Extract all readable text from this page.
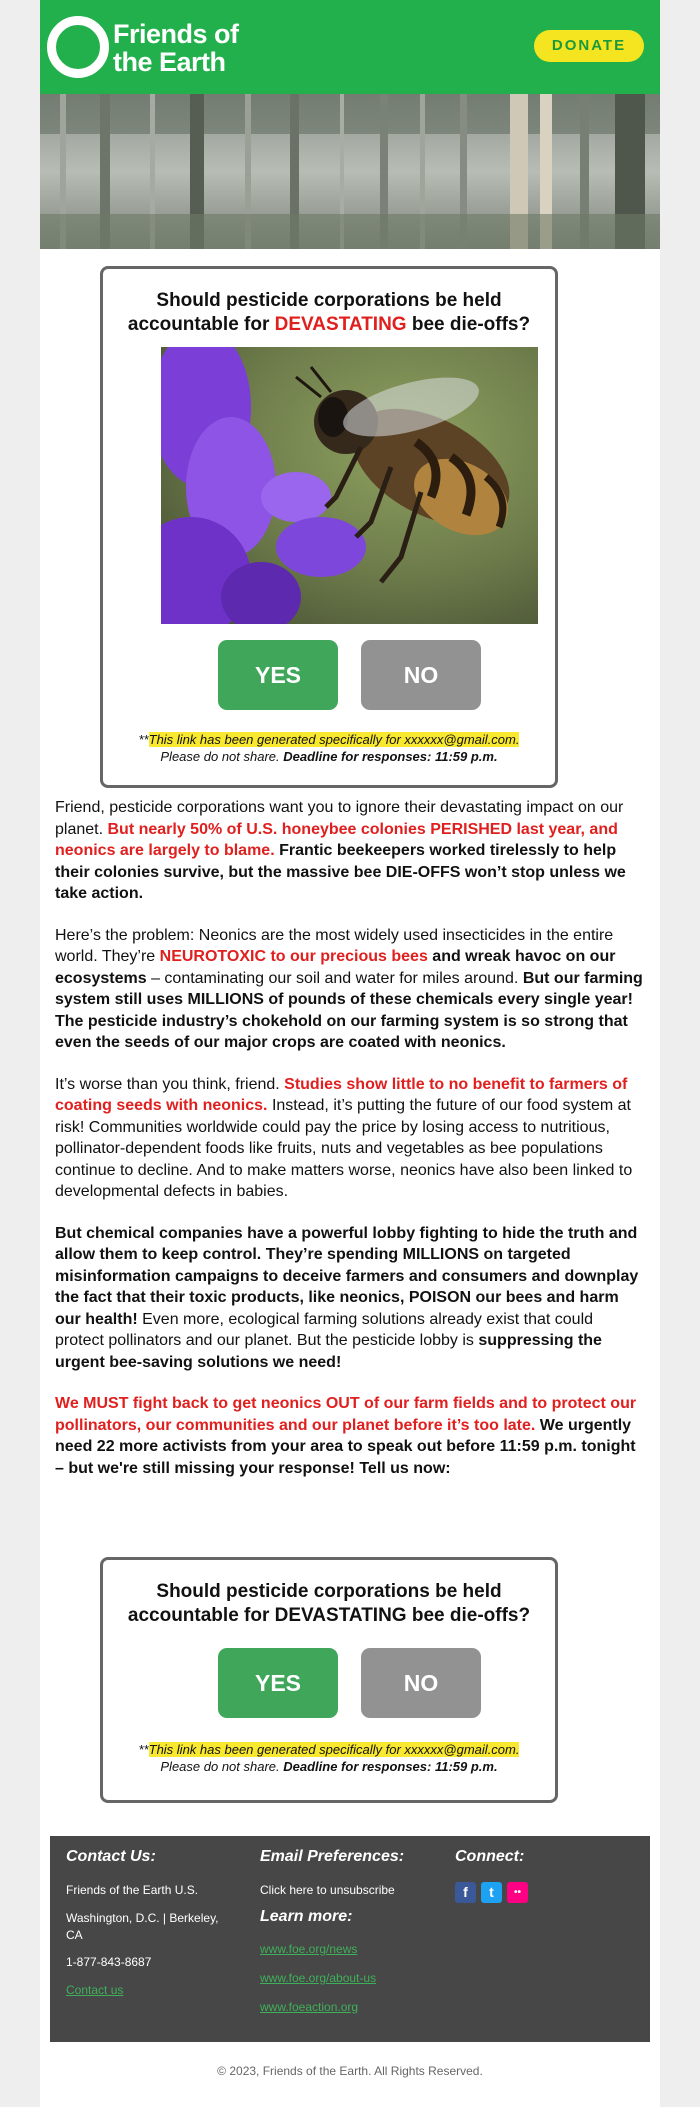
Friends of
the Earth
DONATE
Should pesticide corporations be held accountable for DEVASTATING bee die-offs?
YES	NO
**This link has been generated specifically for xxxxxx@gmail.com.
Please do not share. Deadline for responses: 11:59 p.m.

Friend, pesticide corporations want you to ignore their devastating impact on our planet. But nearly 50% of U.S. honeybee colonies PERISHED last year, and neonics are largely to blame. Frantic beekeepers worked tirelessly to help their colonies survive, but the massive bee DIE-OFFS won’t stop unless we take action.

Here’s the problem: Neonics are the most widely used insecticides in the entire world. They’re NEUROTOXIC to our precious bees and wreak havoc on our ecosystems – contaminating our soil and water for miles around. But our farming system still uses MILLIONS of pounds of these chemicals every single year! The pesticide industry’s chokehold on our farming system is so strong that even the seeds of our major crops are coated with neonics.

It’s worse than you think, friend. Studies show little to no benefit to farmers of coating seeds with neonics. Instead, it’s putting the future of our food system at risk! Communities worldwide could pay the price by losing access to nutritious, pollinator-dependent foods like fruits, nuts and vegetables as bee populations continue to decline. And to make matters worse, neonics have also been linked to developmental defects in babies.

But chemical companies have a powerful lobby fighting to hide the truth and allow them to keep control. They’re spending MILLIONS on targeted misinformation campaigns to deceive farmers and consumers and downplay the fact that their toxic products, like neonics, POISON our bees and harm our health! Even more, ecological farming solutions already exist that could protect pollinators and our planet. But the pesticide lobby is suppressing the urgent bee-saving solutions we need!

We MUST fight back to get neonics OUT of our farm fields and to protect our pollinators, our communities and our planet before it’s too late. We urgently need 22 more activists from your area to speak out before 11:59 p.m. tonight – but we're still missing your response! Tell us now:

Should pesticide corporations be held accountable for DEVASTATING bee die-offs?
YES	NO
**This link has been generated specifically for xxxxxx@gmail.com.
Please do not share. Deadline for responses: 11:59 p.m.
Contact Us:
Friends of the Earth U.S.
Washington, D.C. | Berkeley, CA
1-877-843-8687
Contact us
Email Preferences:
Click here to unsubscribe
Learn more:
www.foe.org/news
www.foe.org/about-us
www.foeaction.org
Connect:
f	t	••
© 2023, Friends of the Earth. All Rights Reserved.
